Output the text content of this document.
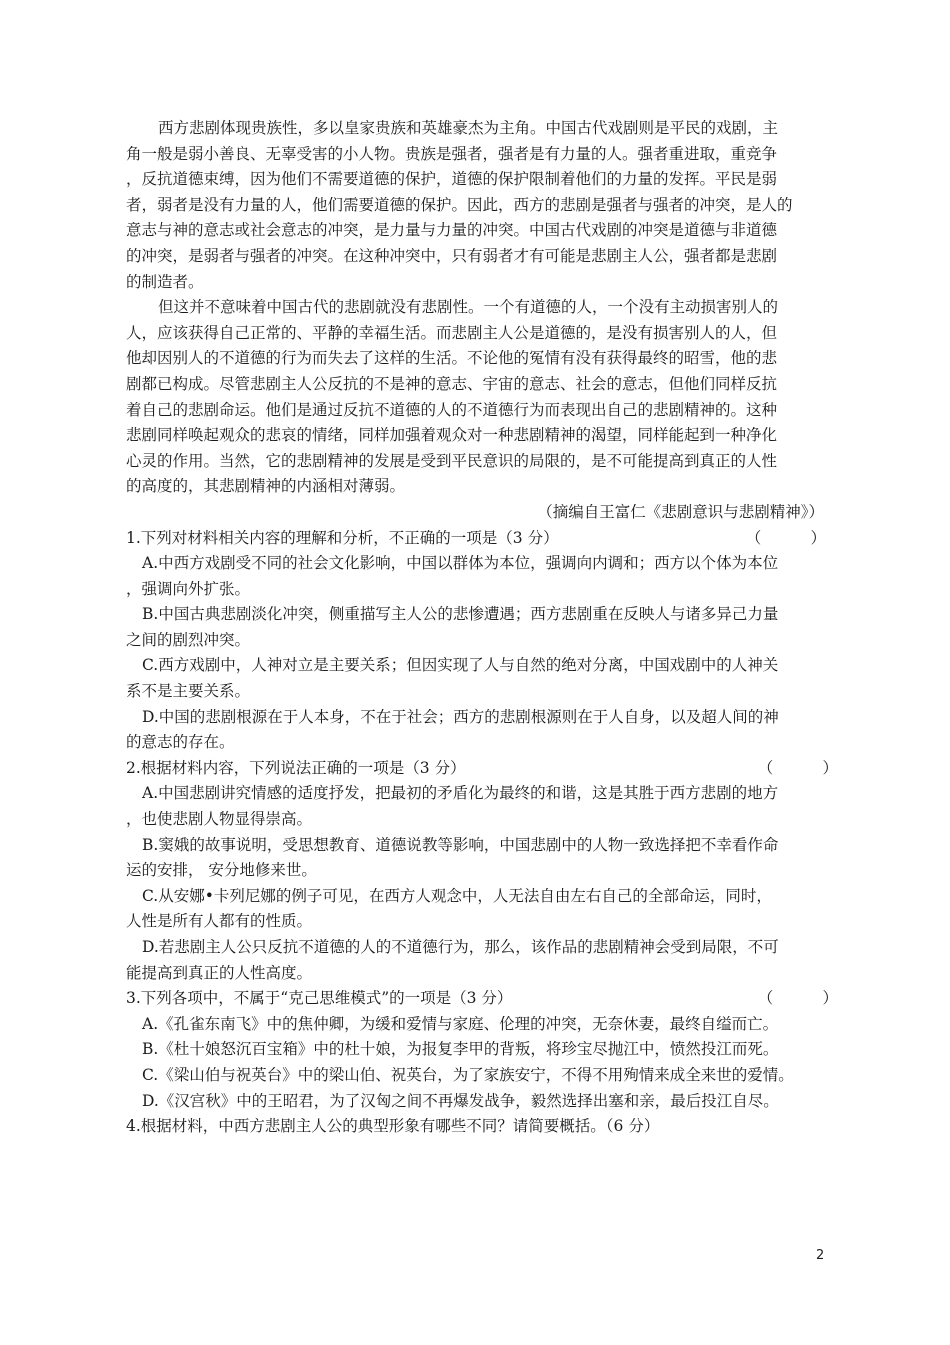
西方悲剧体现贵族性，多以皇家贵族和英雄豪杰为主角。中国古代戏剧则是平民的戏剧，主
角一般是弱小善良、无辜受害的小人物。贵族是强者，强者是有力量的人。强者重进取，重竞争
，反抗道德束缚，因为他们不需要道德的保护，道德的保护限制着他们的力量的发挥。平民是弱
者，弱者是没有力量的人，他们需要道德的保护。因此，西方的悲剧是强者与强者的冲突，是人的
意志与神的意志或社会意志的冲突，是力量与力量的冲突。中国古代戏剧的冲突是道德与非道德
的冲突，是弱者与强者的冲突。在这种冲突中，只有弱者才有可能是悲剧主人公，强者都是悲剧
的制造者。
但这并不意味着中国古代的悲剧就没有悲剧性。一个有道德的人，一个没有主动损害别人的
人，应该获得自己正常的、平静的幸福生活。而悲剧主人公是道德的，是没有损害别人的人，但
他却因别人的不道德的行为而失去了这样的生活。不论他的冤情有没有获得最终的昭雪，他的悲
剧都已构成。尽管悲剧主人公反抗的不是神的意志、宇宙的意志、社会的意志，但他们同样反抗
着自己的悲剧命运。他们是通过反抗不道德的人的不道德行为而表现出自己的悲剧精神的。这种
悲剧同样唤起观众的悲哀的情绪，同样加强着观众对一种悲剧精神的渴望，同样能起到一种净化
心灵的作用。当然，它的悲剧精神的发展是受到平民意识的局限的，是不可能提高到真正的人性
的高度的，其悲剧精神的内涵相对薄弱。
（摘编自王富仁《悲剧意识与悲剧精神》）
1.下列对材料相关内容的理解和分析，不正确的一项是（3 分）	（          ）
A.中西方戏剧受不同的社会文化影响，中国以群体为本位，强调向内调和；西方以个体为本位
，强调向外扩张。
B.中国古典悲剧淡化冲突，侧重描写主人公的悲惨遭遇；西方悲剧重在反映人与诸多异己力量
之间的剧烈冲突。
C.西方戏剧中，人神对立是主要关系；但因实现了人与自然的绝对分离，中国戏剧中的人神关
系不是主要关系。
D.中国的悲剧根源在于人本身，不在于社会；西方的悲剧根源则在于人自身，以及超人间的神
的意志的存在。
2.根据材料内容，下列说法正确的一项是（3 分）	（          ）
A.中国悲剧讲究情感的适度抒发，把最初的矛盾化为最终的和谐，这是其胜于西方悲剧的地方
，也使悲剧人物显得崇高。
B.窦娥的故事说明，受思想教育、道德说教等影响，中国悲剧中的人物一致选择把不幸看作命
运的安排， 安分地修来世。
C.从安娜•卡列尼娜的例子可见，在西方人观念中，人无法自由左右自己的全部命运，同时，
人性是所有人都有的性质。
D.若悲剧主人公只反抗不道德的人的不道德行为，那么，该作品的悲剧精神会受到局限，不可
能提高到真正的人性高度。
3.下列各项中，不属于“克己思维模式”的一项是（3 分）	（          ）
A.《孔雀东南飞》中的焦仲卿，为缓和爱情与家庭、伦理的冲突，无奈休妻，最终自缢而亡。
B.《杜十娘怒沉百宝箱》中的杜十娘，为报复李甲的背叛，将珍宝尽抛江中，愤然投江而死。
C.《梁山伯与祝英台》中的梁山伯、祝英台，为了家族安宁，不得不用殉情来成全来世的爱情。
D.《汉宫秋》中的王昭君，为了汉匈之间不再爆发战争，毅然选择出塞和亲，最后投江自尽。
4.根据材料，中西方悲剧主人公的典型形象有哪些不同？请简要概括。（6 分）
2
